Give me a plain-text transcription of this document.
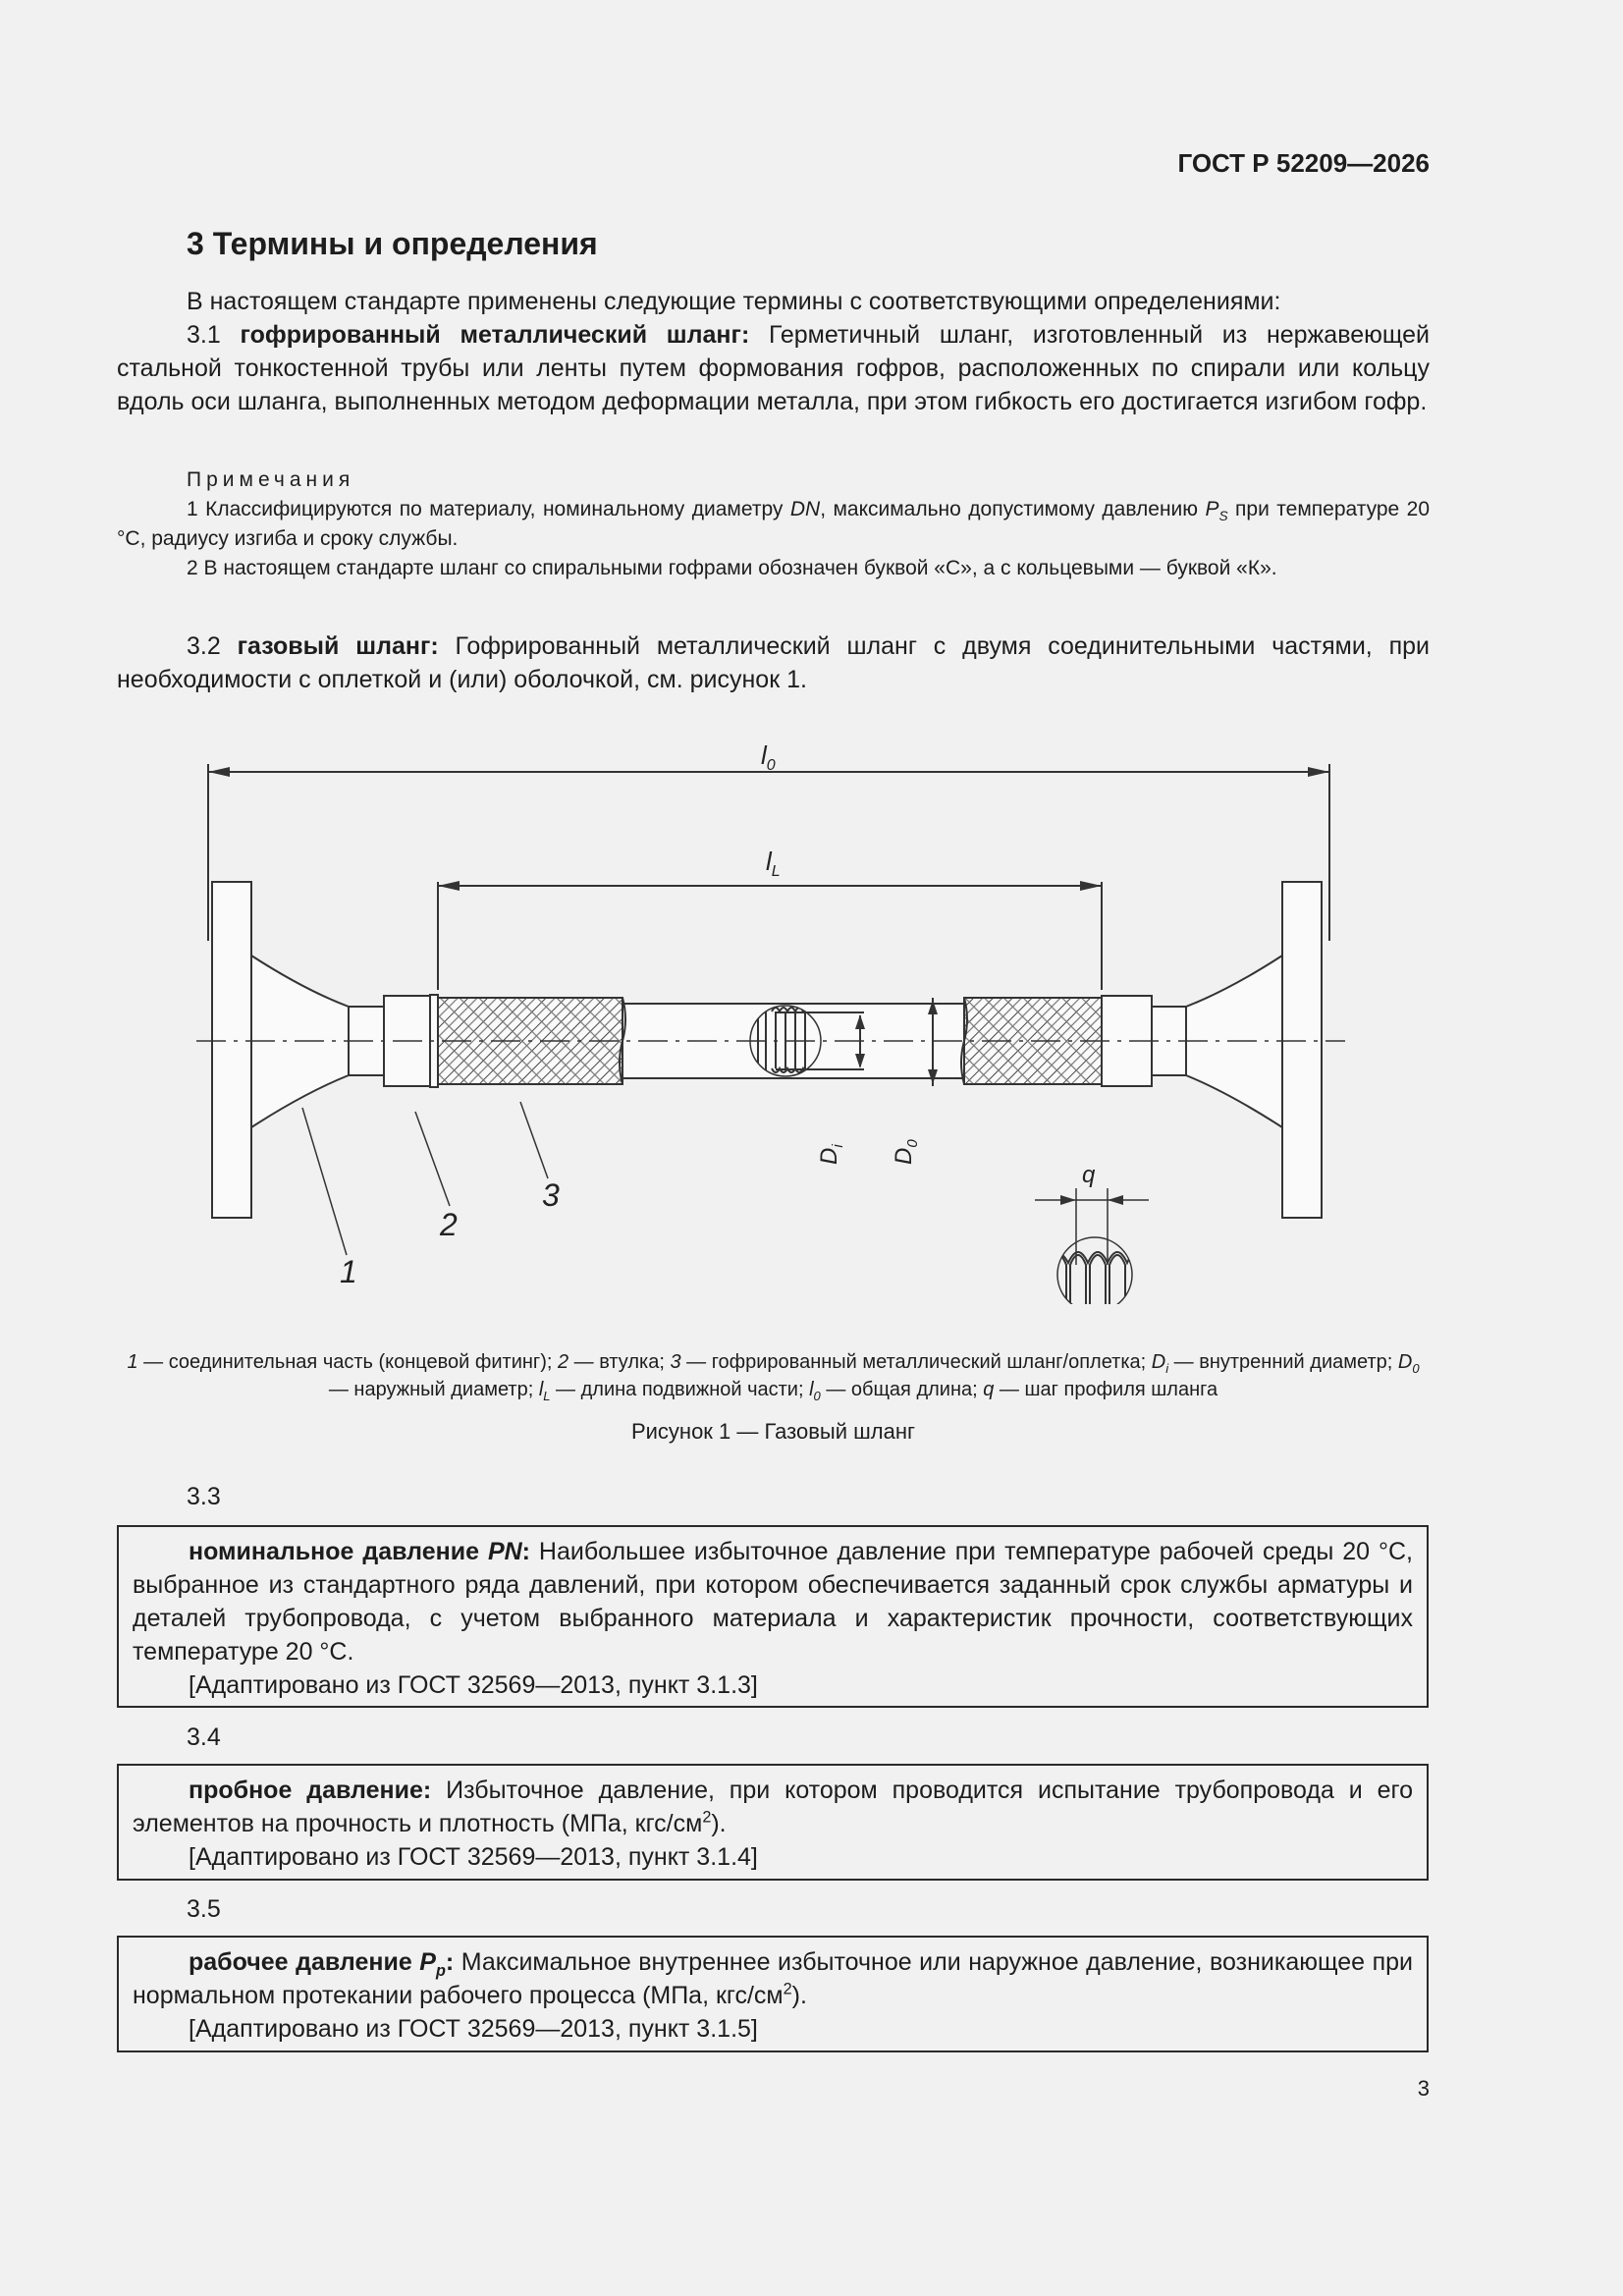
ГОСТ Р 52209—2026
3 Термины и определения
В настоящем стандарте применены следующие термины с соответствующими определениями:
3.1 гофрированный металлический шланг: Герметичный шланг, изготовленный из нержавеющей стальной тонкостенной трубы или ленты путем формования гофров, расположенных по спирали или кольцу вдоль оси шланга, выполненных методом деформации металла, при этом гибкость его достигается изгибом гофр.
Примечания
1 Классифицируются по материалу, номинальному диаметру DN, максимально допустимому давлению $P_S$ при температуре 20 °С, радиусу изгиба и сроку службы.
2 В настоящем стандарте шланг со спиральными гофрами обозначен буквой «С», а с кольцевыми — буквой «К».
3.2 газовый шланг: Гофрированный металлический шланг с двумя соединительными частями, при необходимости с оплеткой и (или) оболочкой, см. рисунок 1.
$l_0$
$l_L$
$D_i$
$D_0$
q
1
2
3
1 — соединительная часть (концевой фитинг); 2 — втулка; 3 — гофрированный металлический шланг/оплетка; $D_i$ — внутренний диаметр; $D_0$ — наружный диаметр; $l_L$ — длина подвижной части; $l_0$ — общая длина; q — шаг профиля шланга
Рисунок 1 — Газовый шланг
3.3

номинальное давление PN: Наибольшее избыточное давление при температуре рабочей среды 20 °С, выбранное из стандартного ряда давлений, при котором обеспечивается заданный срок службы арматуры и деталей трубопровода, с учетом выбранного материала и характеристик прочности, соответствующих температуре 20 °С.

[Адаптировано из ГОСТ 32569—2013, пункт 3.1.3]

3.4

пробное давление: Избыточное давление, при котором проводится испытание трубопровода и его элементов на прочность и плотность (МПа, кгс/$см^2$).

[Адаптировано из ГОСТ 32569—2013, пункт 3.1.4]

3.5

рабочее давление $P_p$: Максимальное внутреннее избыточное или наружное давление, возникающее при нормальном протекании рабочего процесса (МПа, кгс/$см^2$).

[Адаптировано из ГОСТ 32569—2013, пункт 3.1.5]

3
